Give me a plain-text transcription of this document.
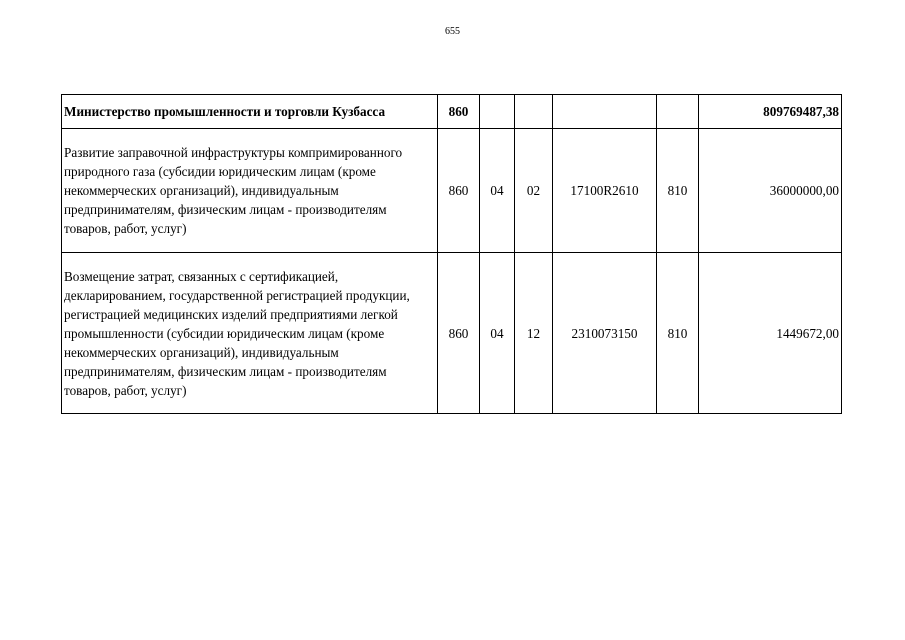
655
Министерство промышленности и торговли Кузбасса	860					809769487,38
Развитие заправочной инфраструктуры компримированного природного газа (субсидии юридическим лицам (кроме некоммерческих организаций), индивидуальным предпринимателям, физическим лицам - производителям товаров, работ, услуг)	860	04	02	17100R2610	810	36000000,00
Возмещение затрат, связанных с сертификацией, декларированием, государственной регистрацией продукции, регистрацией медицинских изделий предприятиями легкой промышленности (субсидии юридическим лицам (кроме некоммерческих организаций), индивидуальным предпринимателям, физическим лицам - производителям товаров, работ, услуг)	860	04	12	2310073150	810	1449672,00
